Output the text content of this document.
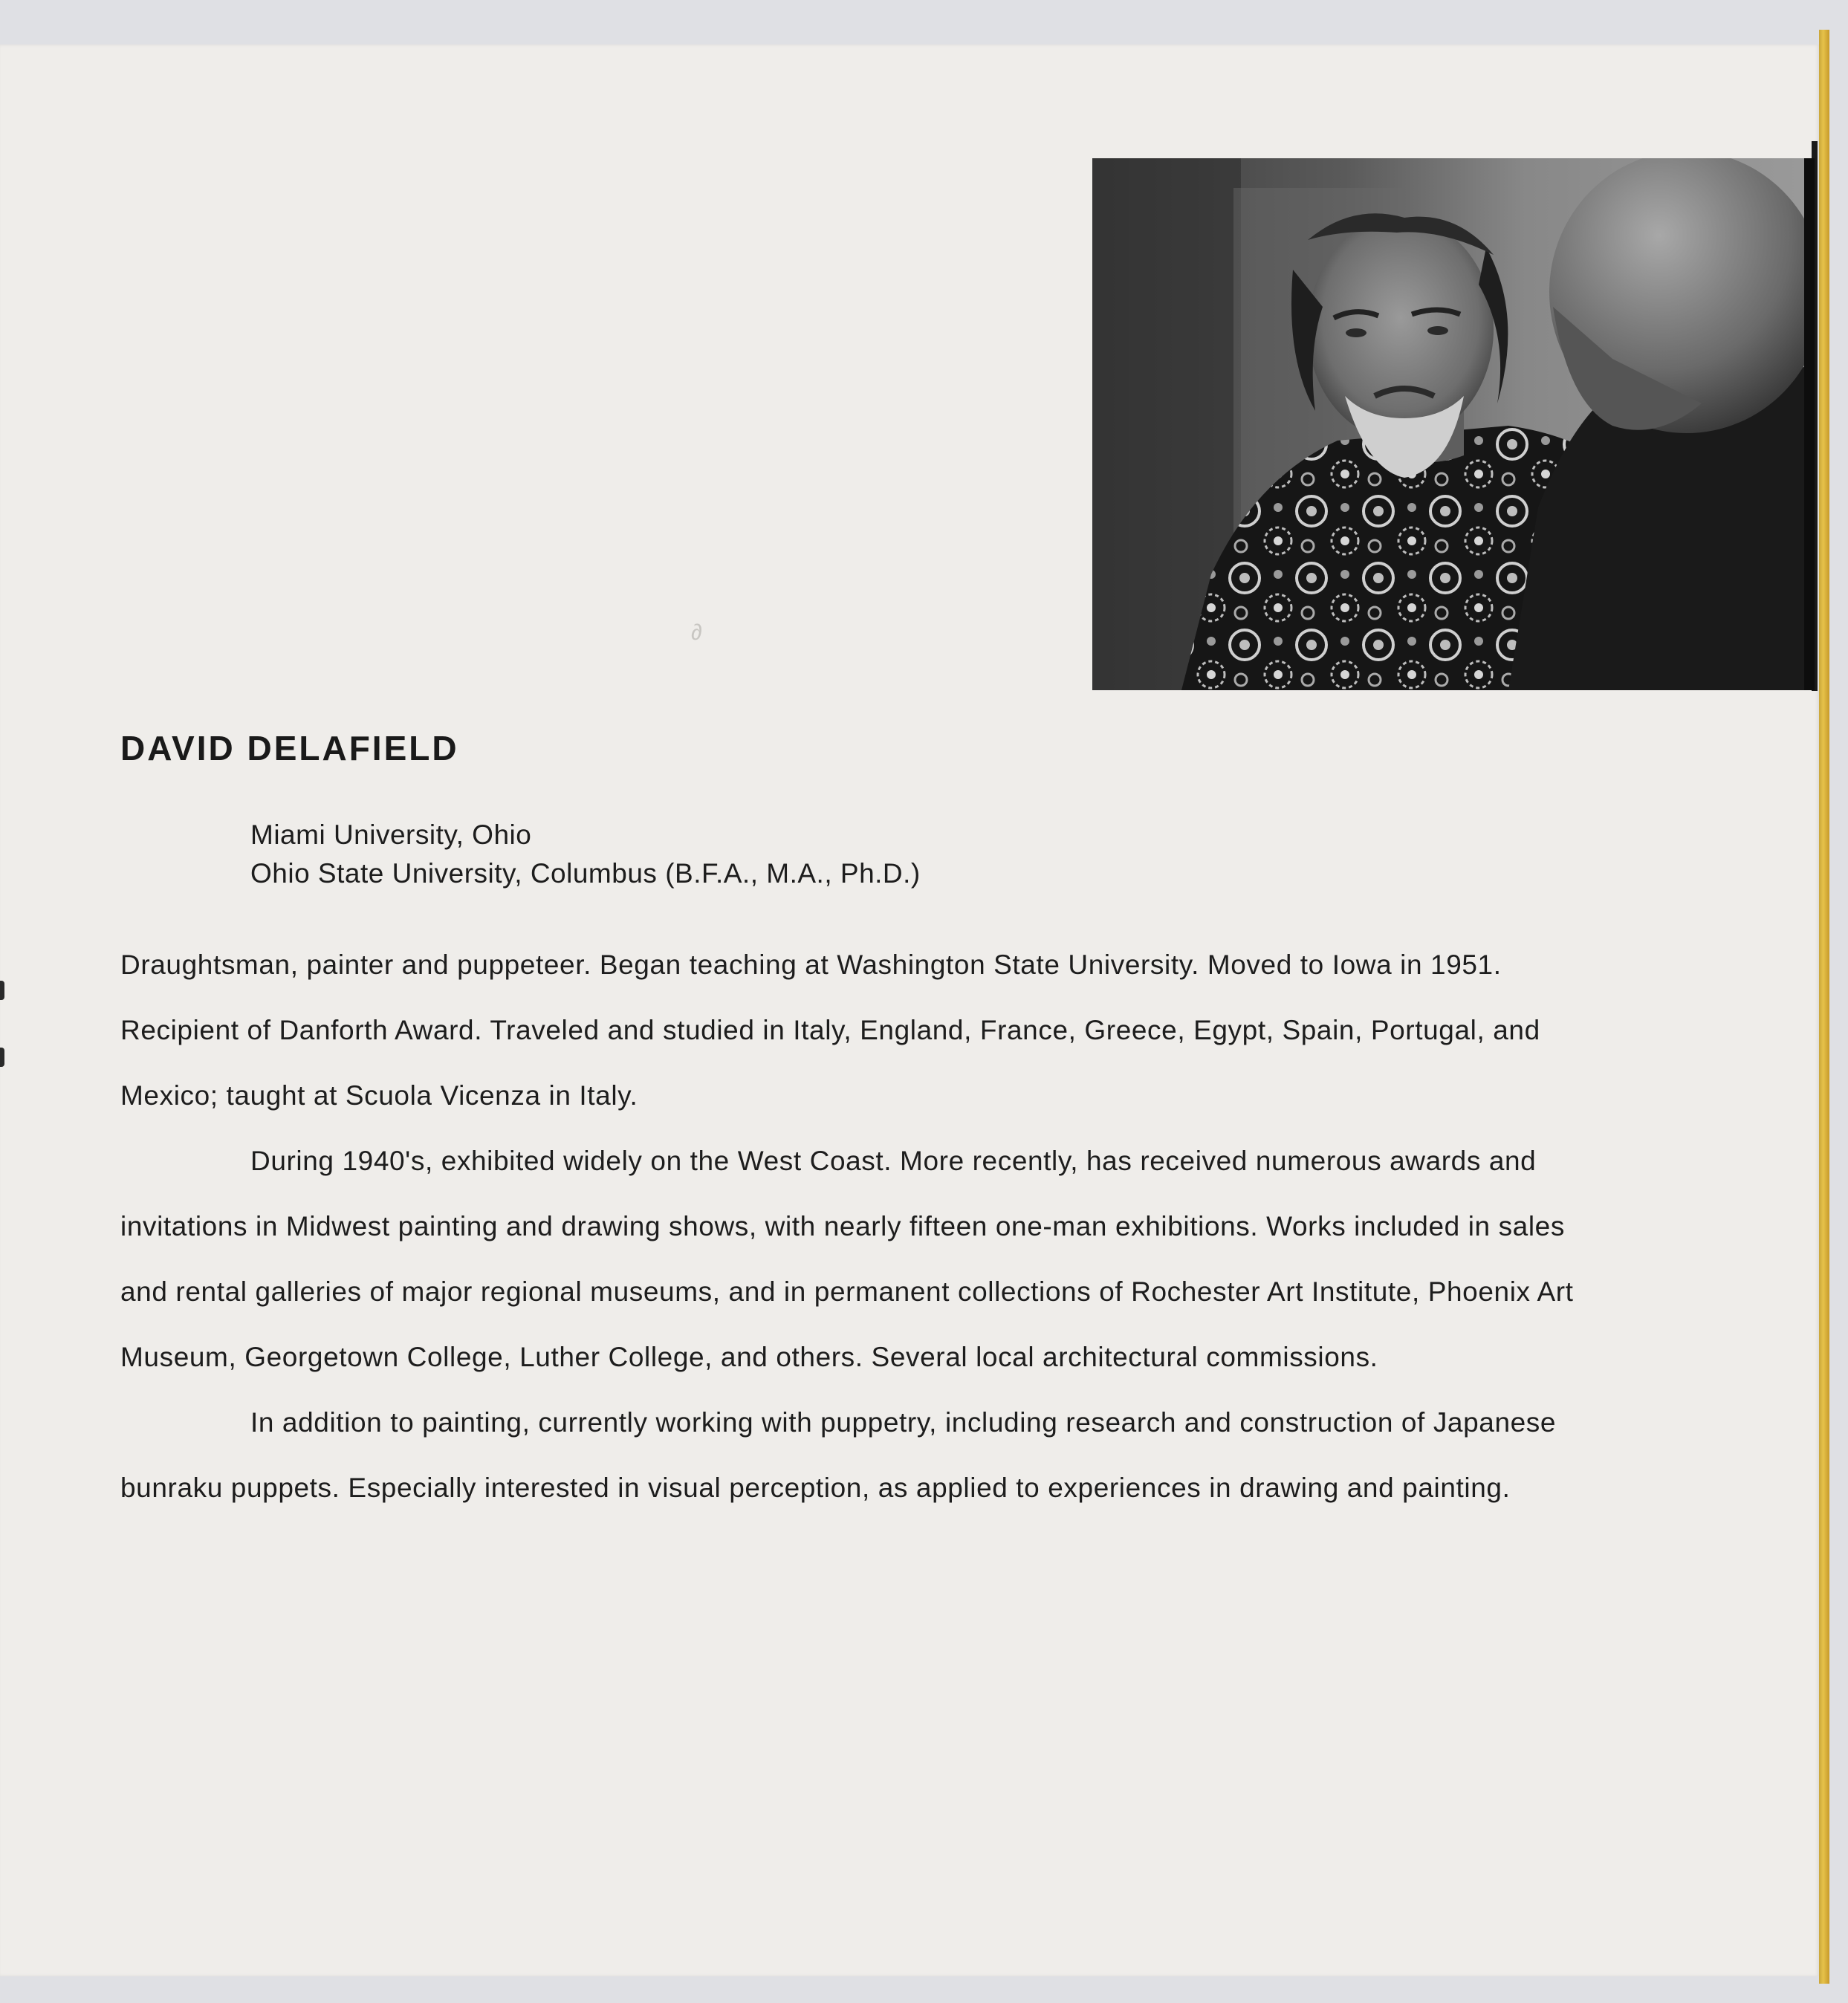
∂
DAVID DELAFIELD
Miami University, Ohio
Ohio State University, Columbus (B.F.A., M.A., Ph.D.)

Draughtsman, painter and puppeteer. Began teaching at Washington State University. Moved to Iowa in 1951. Recipient of Danforth Award. Traveled and studied in Italy, England, France, Greece, Egypt, Spain, Portugal, and Mexico; taught at Scuola Vicenza in Italy.

During 1940's, exhibited widely on the West Coast. More recently, has received numerous awards and invitations in Midwest painting and drawing shows, with nearly fifteen one-man exhibitions. Works included in sales and rental galleries of major regional museums, and in permanent collections of Rochester Art Institute, Phoenix Art Museum, Georgetown College, Luther College, and others. Several local architectural commissions.

In addition to painting, currently working with puppetry, including research and construction of Japanese bunraku puppets. Especially interested in visual perception, as applied to experiences in drawing and painting.
